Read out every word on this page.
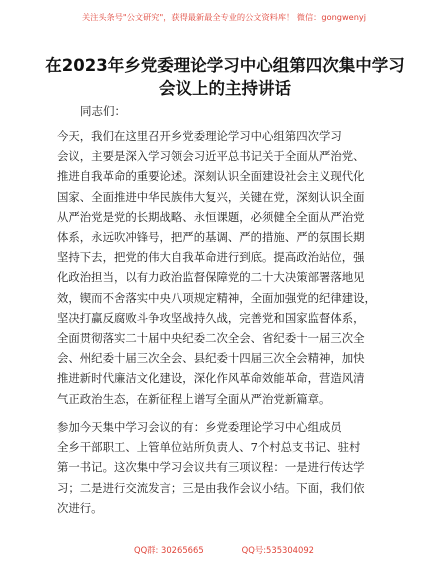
关注头条号"公文研究"，获得最新最全专业的公文资料库！ 微信：gongwenyj
在2023年乡党委理论学习中心组第四次集中学习会议上的主持讲话
同志们：
今天，我们在这里召开乡党委理论学习中心组第四次学习
会议，主要是深入学习领会习近平总书记关于全面从严治党、
推进自我革命的重要论述。深刻认识全面建设社会主义现代化
国家、全面推进中华民族伟大复兴，关键在党，深刻认识全面
从严治党是党的长期战略、永恒课题，必须健全全面从严治党
体系，永远吹冲锋号，把严的基调、严的措施、严的氛围长期
坚持下去，把党的伟大自我革命进行到底。提高政治站位，强
化政治担当，以有力政治监督保障党的二十大决策部署落地见
效，锲而不舍落实中央八项规定精神，全面加强党的纪律建设，
坚决打赢反腐败斗争攻坚战持久战，完善党和国家监督体系，
全面贯彻落实二十届中央纪委二次全会、省纪委十一届三次全
会、州纪委十届三次全会、县纪委十四届三次全会精神，加快
推进新时代廉洁文化建设，深化作风革命效能革命，营造风清
气正政治生态，在新征程上谱写全面从严治党新篇章。
参加今天集中学习会议的有：乡党委理论学习中心组成员
全乡干部职工、上管单位站所负责人、7个村总支书记、驻村
第一书记。这次集中学习会议共有三项议程：一是进行传达学
习；二是进行交流发言；三是由我作会议小结。下面，我们依
次进行。
QQ群: 30265665	QQ号:535304092
